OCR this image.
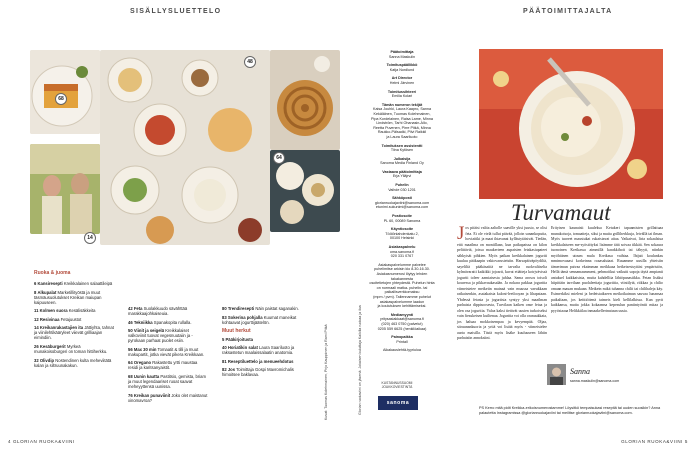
SISÄLLYSLUETTELO
68
48
64
14
Ruoka & juoma
6 Kansiresepti Kreikkalainen salaattileipä
8 Alkupalat Marketillityöstä ja muut täsmäusuolutukset Kreikan maiupan kaipuuseen.
11 Kolmen suora Kesälisäkkeita
12 Resivinaa Fetajuustot
14 Kreikanrakastajien ita Jättiyhta, tahnat ja viinilehtikääryleet viievät grilliaajan eimindiin.
26 Kesäburgerit Myrkeä munakoisoburgeri on toman hittiherkku.
32 Olivdip Nostendinen kulta meheviitätä kalan ja siltruunakakun.
42 Feta Suolakkuudo sävähttää marakkaajohkaiseuia.
46 Tekniikka Spanakopita rullalla.
50 Viinit ja seigelä Kreikkalaiset valkoviinit tuovat vegesnuutaiin ja -pyrokaan parhaat puolet esiin.
56 Max 30 min Tomaatit & tilli ja muut makupartit, jotka vievät pikera Kreikkaan.
64 Oregano Rakastettu yrtti maustaa residi ja karitsanyaistit.
68 Uunin kautta Pastitsio, gemista, briam ja muut legendaariset ruoat saavat meheyyttensä uunissa.
76 Kreikan punaviinit Joko olet maistanut xinomavroa?
80 Trendiresepti Näin paistat saganakin.
83 Sokerina pohjalla Kuumat maneikat kohtaavat jogurttijäätelön.
Muut herkut
5 Pääkirjoitusta
40 Horiatikin salat Laura Saariluoto ja raksastetun maalaissalaatin anatomia.
81 Reseptiluettelo ja menueehdotus
82 Jos Toimittaja Gospi Mavromichalis himoitsee baklavaa.	Kuvat: Tuomas Kolehmainen, Pirjo Kauppinen ja Rami Pitkä
4 GLORIAN RUOKA&VIINI
Glorian ruokaviini on jäsenä: Jokaisen kuluttaja Kaikilla ruokaa ja iloa
Päätoimittaja
Sanna Maskulin
Toimituspäällikkö
Katja Nordlund
Art Director
Helmi Järvinen
Toimitussihteeri
Emilia Kolari
Tämän numeron tekijät
Kaisa Jouhki, Laura Kaapro, Sanna
Kekäläinen, Tuomas Kolehmainen,
Pipa Kordelainen, Raisa Lame, Minna
Lindström, Tarhi Ohanasin-Allo,
Reetta Puvenen, Pirre Pitkä, Minna
Raukko-Pälsadki, Pilvi Raikkil
ja Laura Saariluoto
Toimituksen assistentti
Tiina Kytösen
Julkaisija
Sanoma Media Finland Oy
Vastaava päätoimittaja
Erja Ylläjrvi
Puhelin
Vaihde 030 1201
Sähköposti
glorianruokajaviini@sanoma.com
etunimi.sukunimi@sanoma.com
Postiosoite
PL 60, 00089 Sanoma
Käyntiosoite
Töölönlahdenkatu 2,
00100 Helsinki
Asiakaspalvelu
oma.sanoma.fi
020 331 0767
Asiakaspalvelumme palvelee
puhelimitse arkisin klo 8.30-16.30.
Asiakasnumerosi löytyy lehden takakannesta
osoitetietojen yhteydestä. Puhelun hinta
on normaali matka- puhelin- tai paikallisverkkomaksu
(mpm / pvm). Tallennamme puhelut
asiakaspalvelumme laadun
ja koulutuksen kehittämiseksi.
Mediamyynti
yritysasiakkaat@sanoma.fi
(020) 463 0750 (palvelut)
0205 559 6625 (henkilöaikaa)
Painopaikka
Printall
Aikakauslehtä-tyyriuloa
KUSTANNUSSUOMI JOUKKOVIESTINTÄ
sanoma
PÄÄTOIMITTAJALTA
Turvamaut
Jos pitäisi valita aaltolle saaville yksi juusto, se olisi feta. Et ole vielä tullut päivää, jolloin sanankoputia, hoviaitiki ja maat ihtavanat kyllästytäisivät. Tiedän, että maailma on moniillaan, kun paikapaissa on kilon pelittäviä, joissa maukerteen aupaisien fetakasiupateet sähkyisät pihkien. Myös paikan kreikkalainen jogurtti kuuluu pääkaapin vakiovarusteisiin. Harsapäiväpöydiltä, sayeliltä pääkäsaiitä ne tarvalta ruokvaltiselta kylmävaratti kaikikki jojoarti, kuvat etiätteja kotrjvävissä jogurtti toleer aamiaisesta juhlaa. Sama arosos toisoli kouressa ja pikkavaukasalán. Ja nokara pakkaa jogurttia viimeisteiee meikeiin mainaä vain muussa vaeukkaan ratkaisenkin, asaiakaista kaloni-leetlooyan ja lihapataan. Ybdessä fetasta ja jogurtista syntyy yksi maailman parhaista dippisoosesta, Turvilaan kaiken onse fetaa ja olen osa jogurttia. Valoa kaksi tietävät uusien turkoiseksi vain fiesukeisen kuiltenaa. Jogurttia voi olla oranuukkaia, jos haluaa mokkoisempaa ja kevyempää. Oljaa, sitruunankuoria ja yrtiä voi lisätä myös - viimeistelee aurta maisilla. Tästä myös lisäke kuuluuseen lähiin parhaisiin annoksiini.
Erityisen kaunaisti kuuleksa Ketukeri tapaamisten grillattuaa munakoisoja, tomaatteja, siksi ja muita grilliherkkuja, leivällä tai ilman. Myös tuoreet maustukat rukaistavat aitaa. Vatkaivat, liria sokaalsiua kreikkalaiseen me-syöstötyksi lisämme tätä soivaa tikkää. Sen sokaura tuonoinen Kreikassa aimmillä karakkihoit tai tähyyti, niinkin myöhäinen utoum mula Kreikasa vaihtaa. Ihtjait koulunkas mmimovaaasi korkeinna roaasaluiaat. Ruuamme uusilla yhteisiin tämerimun paivaa ekaimman meikkaaa hetkeisestsyttäsi ympäristön, Hellä tämä sennamaammeni, pehmoitkut vaikutti sapoja täytä ampianii antuksel kaikkaisista, mutta kahdelliia lähtöpanasiikka. Fetan lisäksi hiipittäin tarvilaan puolaleettaja jogurtitia, viiniilytä, riikkaa ja chilio omaan mauan mukaan. Meikein mikä tuhanna chilit tai chilihaleja käy. Esimerkiksi mieleni ja bedeistaikseen meikoikaiman sauvaa lunansaa paikaltaan, jos keittiöitenä taimeis kieli kellilalkissa. Kun pyrit kaikkansa, mutta jokka kokaamsa kepeaslun paniintyöntit mitaa ja pyyöstaaaa Helikkiilaa inmaakellertnatuun uusia.
Sanna
sanna.maskulin@sanoma.com
PS Kerro mitä pidit Kreikka-erikoisnumerostamme! Löysitkö tempaisukasi reseptiä tai uuden suosikin? Anna palautetta Instagramissa @glorianruokajaviini tai meilitse glorianruokajaviini@sanoma.com.
GLORIAN RUOKA&VIINI 5
